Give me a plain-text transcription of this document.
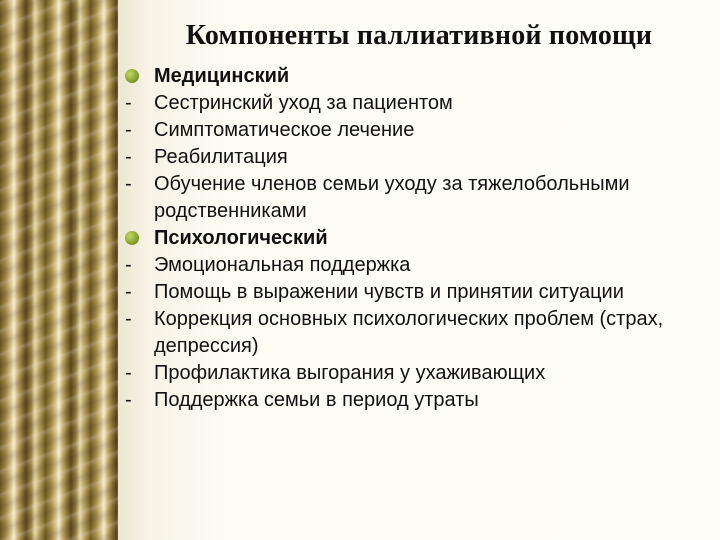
Компоненты паллиативной помощи
Медицинский
- Сестринский уход за пациентом
- Симптоматическое лечение
- Реабилитация
- Обучение членов семьи уходу за тяжелобольными родственниками
Психологический
- Эмоциональная поддержка
- Помощь в выражении чувств и принятии ситуации
- Коррекция основных психологических проблем (страх, депрессия)
- Профилактика выгорания у ухаживающих
- Поддержка семьи в период утраты
